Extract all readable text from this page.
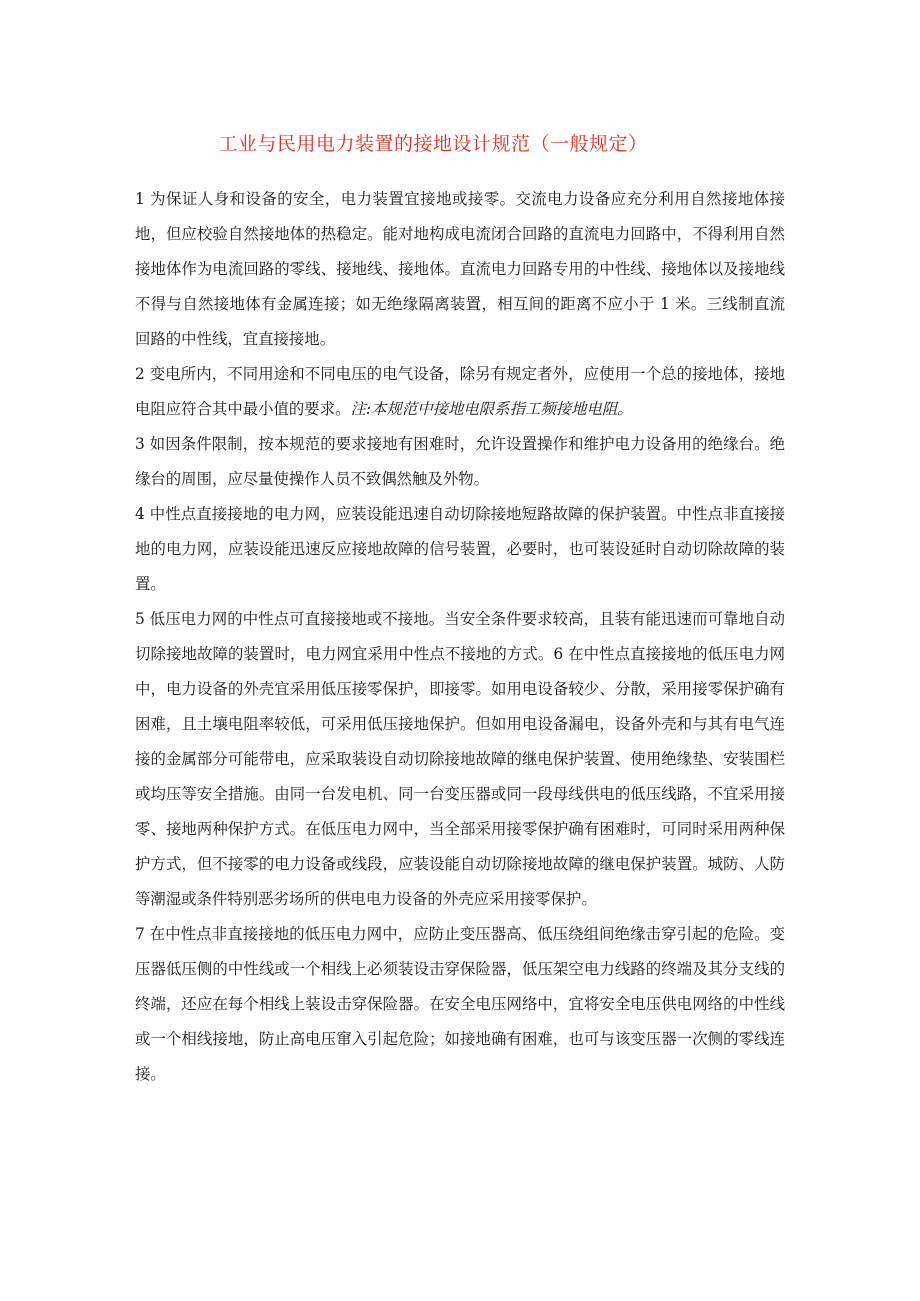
工业与民用电力装置的接地设计规范（一般规定）

1 为保证人身和设备的安全，电力装置宜接地或接零。交流电力设备应充分利用自然接地体接地，但应校验自然接地体的热稳定。能对地构成电流闭合回路的直流电力回路中，不得利用自然接地体作为电流回路的零线、接地线、接地体。直流电力回路专用的中性线、接地体以及接地线不得与自然接地体有金属连接；如无绝缘隔离装置，相互间的距离不应小于 1 米。三线制直流回路的中性线，宜直接接地。

2 变电所内，不同用途和不同电压的电气设备，除另有规定者外，应使用一个总的接地体，接地电阻应符合其中最小值的要求。注:本规范中接地电限系指工频接地电阻。

3 如因条件限制，按本规范的要求接地有困难时，允许设置操作和维护电力设备用的绝缘台。绝缘台的周围，应尽量使操作人员不致偶然触及外物。

4 中性点直接接地的电力网，应装设能迅速自动切除接地短路故障的保护装置。中性点非直接接地的电力网，应装设能迅速反应接地故障的信号装置，必要时，也可装设延时自动切除故障的装置。

5 低压电力网的中性点可直接接地或不接地。当安全条件要求较高，且装有能迅速而可靠地自动切除接地故障的装置时，电力网宜采用中性点不接地的方式。6 在中性点直接接地的低压电力网中，电力设备的外壳宜采用低压接零保护，即接零。如用电设备较少、分散，采用接零保护确有困难，且土壤电阻率较低，可采用低压接地保护。但如用电设备漏电，设备外壳和与其有电气连接的金属部分可能带电，应采取装设自动切除接地故障的继电保护装置、使用绝缘垫、安装围栏或均压等安全措施。由同一台发电机、同一台变压器或同一段母线供电的低压线路，不宜采用接零、接地两种保护方式。在低压电力网中，当全部采用接零保护确有困难时，可同时采用两种保护方式，但不接零的电力设备或线段，应装设能自动切除接地故障的继电保护装置。城防、人防等潮湿或条件特别恶劣场所的供电电力设备的外壳应采用接零保护。

7 在中性点非直接接地的低压电力网中，应防止变压器高、低压绕组间绝缘击穿引起的危险。变压器低压侧的中性线或一个相线上必须装设击穿保险器，低压架空电力线路的终端及其分支线的终端，还应在每个相线上装设击穿保险器。在安全电压网络中，宜将安全电压供电网络的中性线或一个相线接地，防止高电压窜入引起危险；如接地确有困难，也可与该变压器一次侧的零线连接。
